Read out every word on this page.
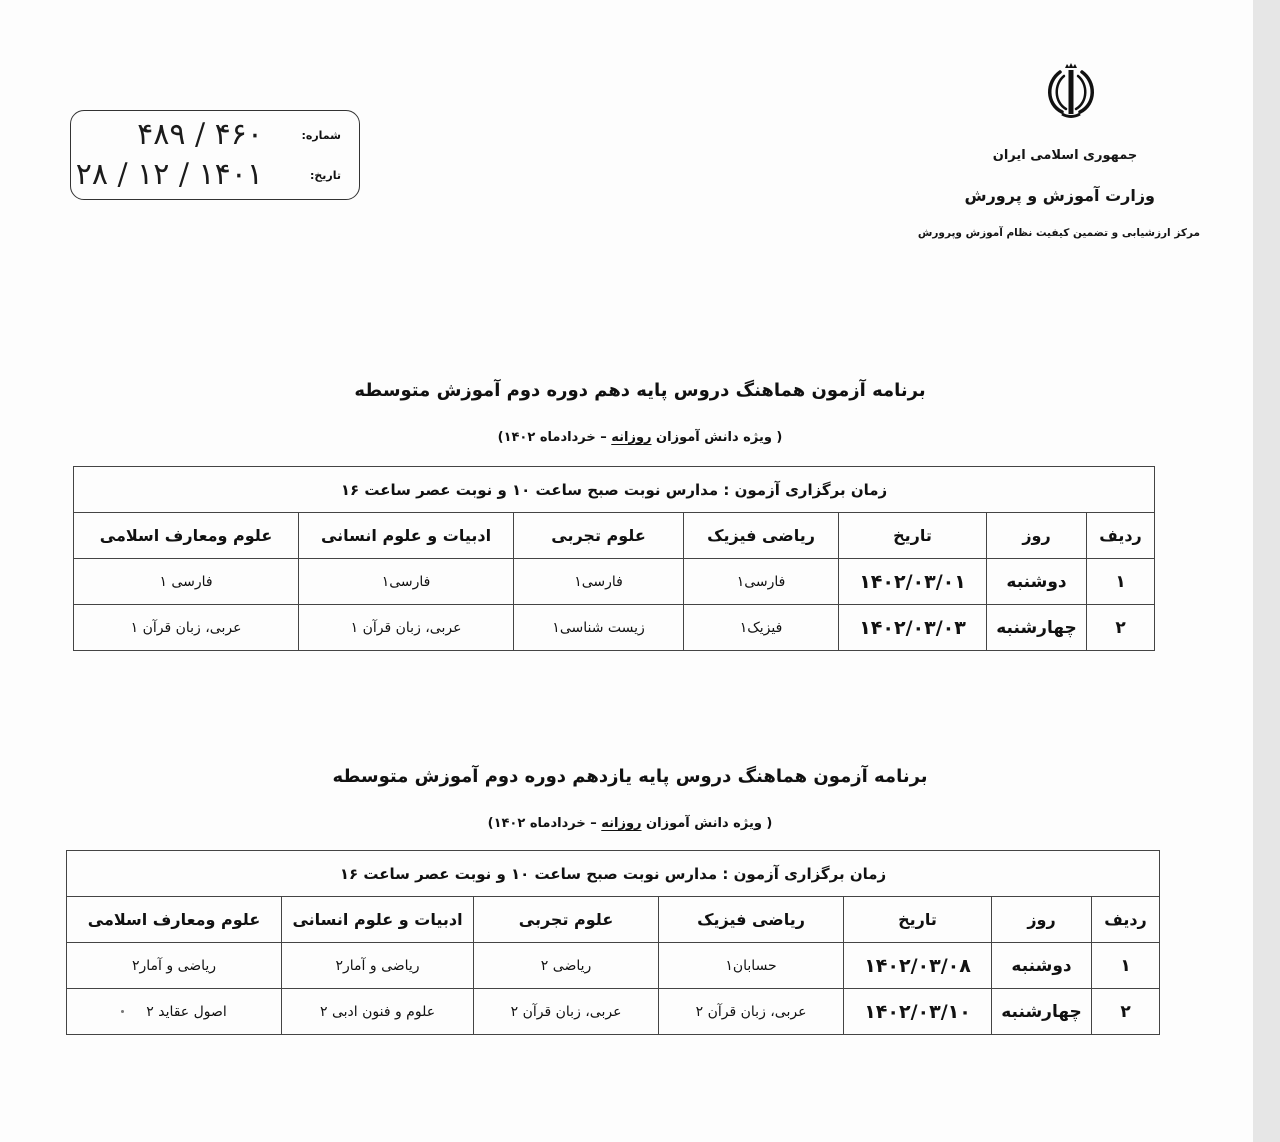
جمهوری اسلامی ایران
وزارت آموزش و پرورش
مرکز ارزشیابی و تضمین کیفیت نظام آموزش وپرورش
شماره:
۴۶۰ / ۴۸۹
تاریخ:
۱۴۰۱ / ۱۲ / ۲۸
برنامه آزمون هماهنگ دروس پایه دهم دوره دوم آموزش متوسطه
( ویژه دانش آموزان روزانه – خردادماه ۱۴۰۲)
زمان برگزاری آزمون : مدارس نوبت صبح ساعت ۱۰ و نوبت عصر ساعت ۱۶						
ردیف	روز	تاریخ	ریاضی فیزیک	علوم تجربی	ادبیات و علوم انسانی	علوم ومعارف اسلامی
۱	دوشنبه	۱۴۰۲/۰۳/۰۱	فارسی۱	فارسی۱	فارسی۱	فارسی ۱
۲	چهارشنبه	۱۴۰۲/۰۳/۰۳	فیزیک۱	زیست شناسی۱	عربی، زبان قرآن ۱	عربی، زبان قرآن ۱
برنامه آزمون هماهنگ دروس پایه یازدهم دوره دوم آموزش متوسطه
( ویژه دانش آموزان روزانه – خردادماه ۱۴۰۲)
زمان برگزاری آزمون : مدارس نوبت صبح ساعت ۱۰ و نوبت عصر ساعت ۱۶						
ردیف	روز	تاریخ	ریاضی فیزیک	علوم تجربی	ادبیات و علوم انسانی	علوم ومعارف اسلامی
۱	دوشنبه	۱۴۰۲/۰۳/۰۸	حسابان۱	ریاضی ۲	ریاضی و آمار۲	ریاضی و آمار۲
۲	چهارشنبه	۱۴۰۲/۰۳/۱۰	عربی، زبان قرآن ۲	عربی، زبان قرآن ۲	علوم و فنون ادبی ۲	اصول عقاید ۲
